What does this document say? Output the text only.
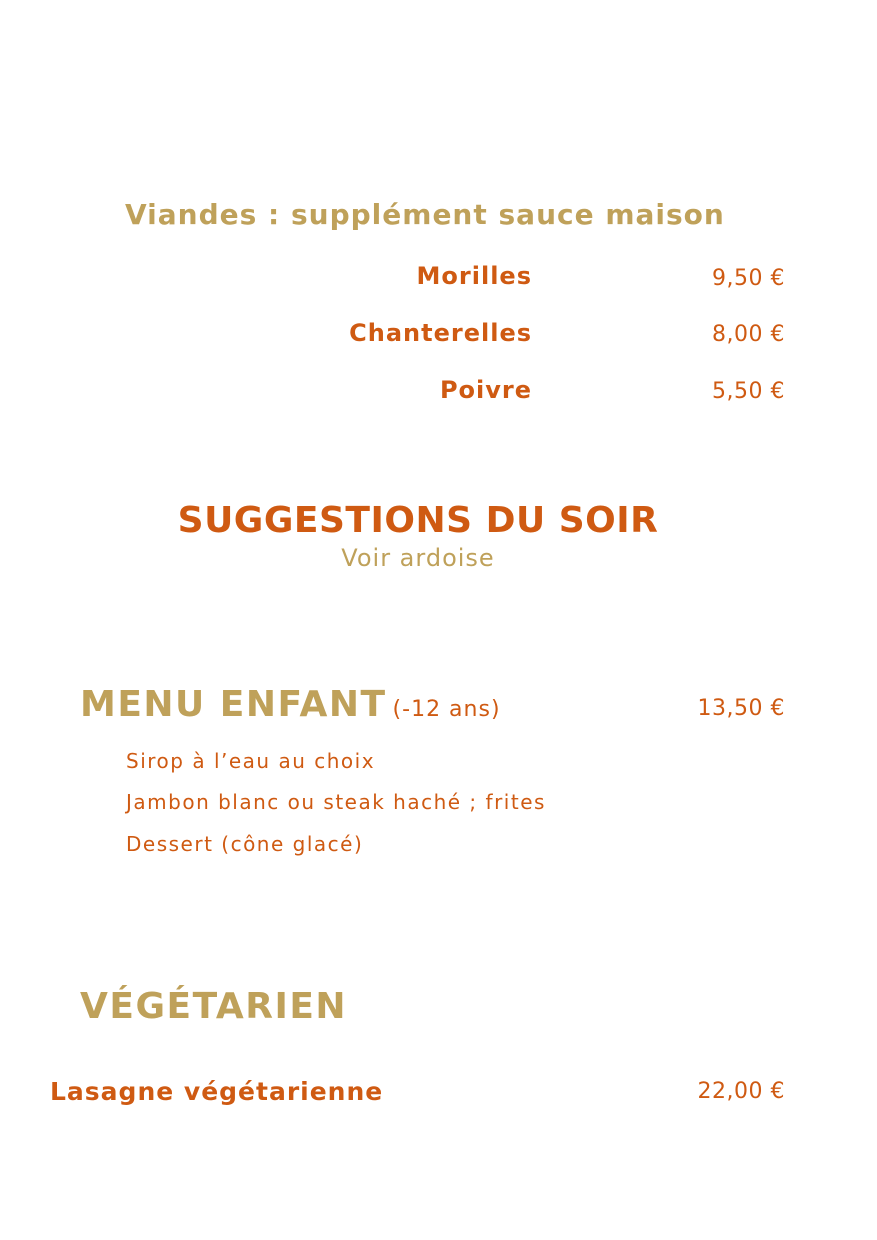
Viandes : supplément sauce maison
Morilles	9,50 €
Chanterelles	8,00 €
Poivre	5,50 €
SUGGESTIONS DU SOIR
Voir ardoise
MENU ENFANT (-12 ans)	13,50 €
Sirop à l’eau au choix
Jambon blanc ou steak haché ; frites
Dessert (cône glacé)
VÉGÉTARIEN
Lasagne végétarienne	22,00 €
